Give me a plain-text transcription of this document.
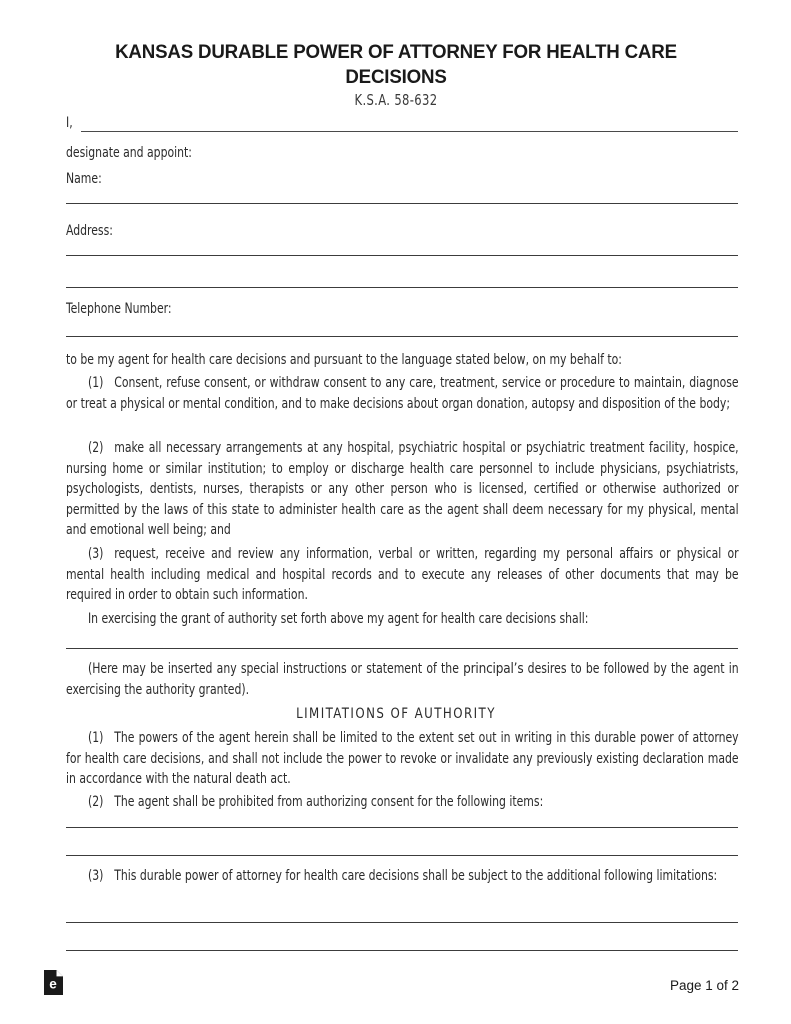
KANSAS DURABLE POWER OF ATTORNEY FOR HEALTH CARE DECISIONS
K.S.A. 58-632
I,
designate and appoint:
Name:
Address:
Telephone Number:
to be my agent for health care decisions and pursuant to the language stated below, on my behalf to:
(1) Consent, refuse consent, or withdraw consent to any care, treatment, service or procedure to maintain, diagnose or treat a physical or mental condition, and to make decisions about organ donation, autopsy and disposition of the body;
(2) make all necessary arrangements at any hospital, psychiatric hospital or psychiatric treatment facility, hospice, nursing home or similar institution; to employ or discharge health care personnel to include physicians, psychiatrists, psychologists, dentists, nurses, therapists or any other person who is licensed, certified or otherwise authorized or permitted by the laws of this state to administer health care as the agent shall deem necessary for my physical, mental and emotional well being; and
(3) request, receive and review any information, verbal or written, regarding my personal affairs or physical or mental health including medical and hospital records and to execute any releases of other documents that may be required in order to obtain such information.
In exercising the grant of authority set forth above my agent for health care decisions shall:
(Here may be inserted any special instructions or statement of the principal’s desires to be followed by the agent in exercising the authority granted).
LIMITATIONS OF AUTHORITY
(1) The powers of the agent herein shall be limited to the extent set out in writing in this durable power of attorney for health care decisions, and shall not include the power to revoke or invalidate any previously existing declaration made in accordance with the natural death act.
(2) The agent shall be prohibited from authorizing consent for the following items:
(3) This durable power of attorney for health care decisions shall be subject to the additional following limitations:
e	Page 1 of 2
